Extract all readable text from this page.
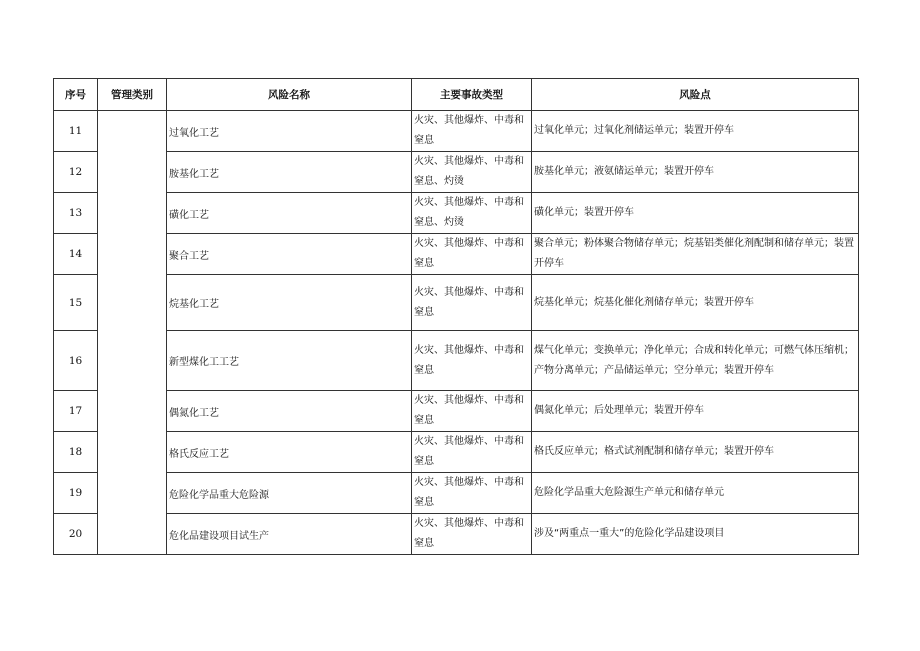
序号	管理类别	风险名称	主要事故类型	风险点
11		过氧化工艺	火灾、其他爆炸、中毒和窒息	过氧化单元；过氧化剂储运单元；装置开停车
12		胺基化工艺	火灾、其他爆炸、中毒和窒息、灼烫	胺基化单元；液氨储运单元；装置开停车
13		磺化工艺	火灾、其他爆炸、中毒和窒息、灼烫	磺化单元；装置开停车
14		聚合工艺	火灾、其他爆炸、中毒和窒息	聚合单元；粉体聚合物储存单元；烷基铝类催化剂配制和储存单元；装置开停车
15		烷基化工艺	火灾、其他爆炸、中毒和窒息	烷基化单元；烷基化催化剂储存单元；装置开停车
16		新型煤化工工艺	火灾、其他爆炸、中毒和窒息	煤气化单元；变换单元；净化单元；合成和转化单元；可燃气体压缩机；产物分离单元；产品储运单元；空分单元；装置开停车
17		偶氮化工艺	火灾、其他爆炸、中毒和窒息	偶氮化单元；后处理单元；装置开停车
18		格氏反应工艺	火灾、其他爆炸、中毒和窒息	格氏反应单元；格式试剂配制和储存单元；装置开停车
19		危险化学品重大危险源	火灾、其他爆炸、中毒和窒息	危险化学品重大危险源生产单元和储存单元
20		危化品建设项目试生产	火灾、其他爆炸、中毒和窒息	涉及“两重点一重大”的危险化学品建设项目
